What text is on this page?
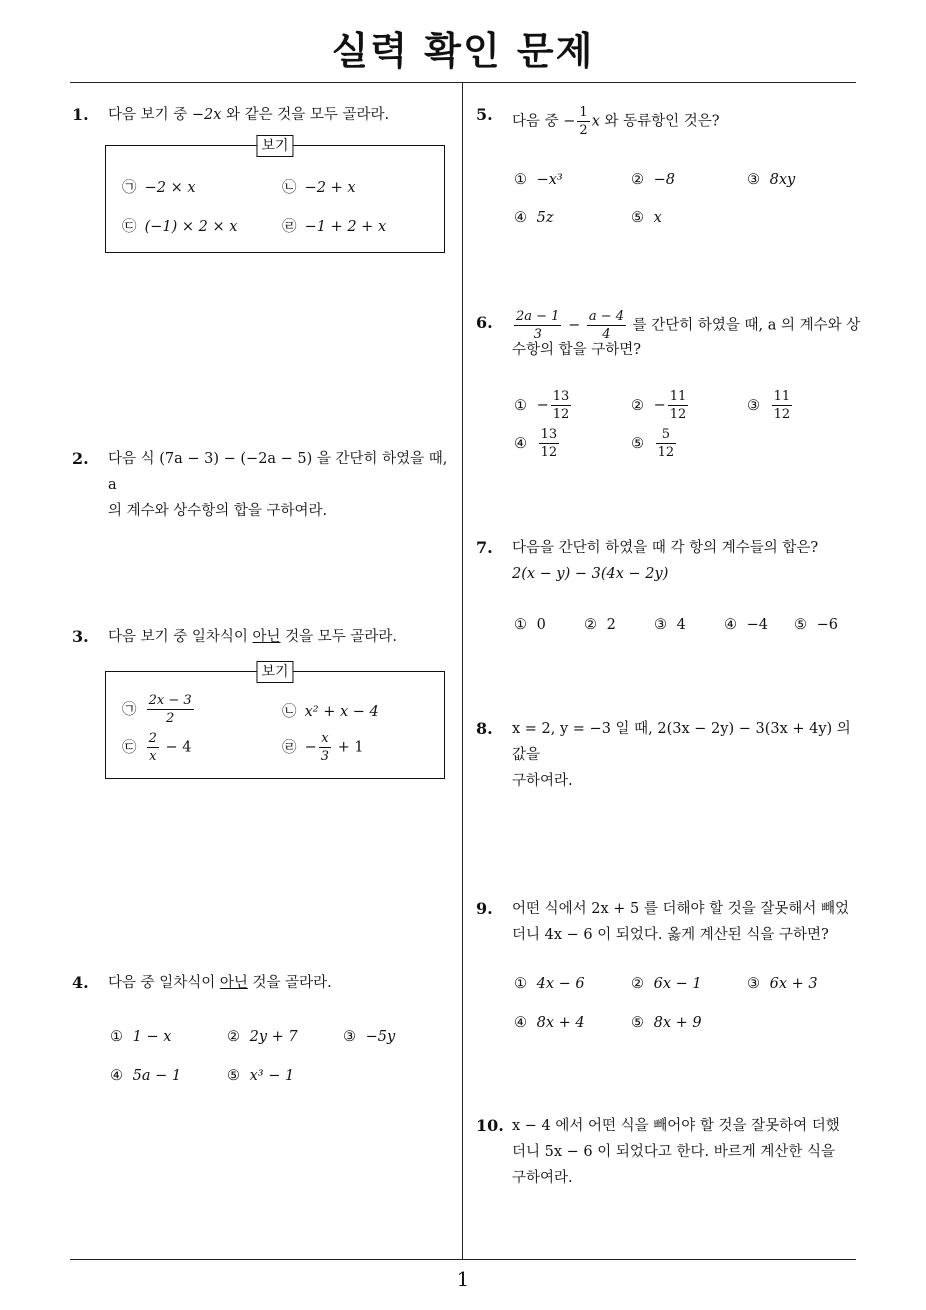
실력 확인 문제
1. 다음 보기 중 −2x 와 같은 것을 모두 골라라.
보기
㉠ −2 × x	㉡ −2 + x
㉢ (−1) × 2 × x	㉣ −1 + 2 + x
2. 다음 식 (7a − 3) − (−2a − 5) 을 간단히 하였을 때, a
의 계수와 상수항의 합을 구하여라.
3. 다음 보기 중 일차식이 아닌 것을 모두 골라라.
보기
㉠ $\frac{2x - 3}{2}$	㉡ x² + x − 4
㉢ $\frac{2}{x} - 4$	㉣ − $\frac{x}{3} + 1$
4. 다음 중 일차식이 아닌 것을 골라라.
① 1 − x	② 2y + 7	③ −5y
④ 5a − 1	⑤ x³ − 1
5. 다음 중 − $\frac{1}{2}$ x 와 동류항인 것은?
① −x³	② −8	③ 8xy
④ 5z	⑤ x
6. $\frac{2a - 1}{3} - \frac{a - 4}{4}$ 를 간단히 하였을 때, a 의 계수와 상
수항의 합을 구하면?
① − $\frac{13}{12}$	② − $\frac{11}{12}$	③ $\frac{11}{12}$
④ $\frac{13}{12}$	⑤ $\frac{5}{12}$
7. 다음을 간단히 하였을 때 각 항의 계수들의 합은?
2(x − y) − 3(4x − 2y)
① 0	② 2	③ 4	④ −4 ⑤ −6
8. x = 2, y = −3 일 때, 2(3x − 2y) − 3(3x + 4y) 의 값을
구하여라.
9. 어떤 식에서 2x + 5 를 더해야 할 것을 잘못해서 빼었
더니 4x − 6 이 되었다. 옳게 계산된 식을 구하면?
① 4x − 6	② 6x − 1	③ 6x + 3
④ 8x + 4	⑤ 8x + 9
10. x − 4 에서 어떤 식을 빼어야 할 것을 잘못하여 더했
더니 5x − 6 이 되었다고 한다. 바르게 계산한 식을
구하여라.
1
